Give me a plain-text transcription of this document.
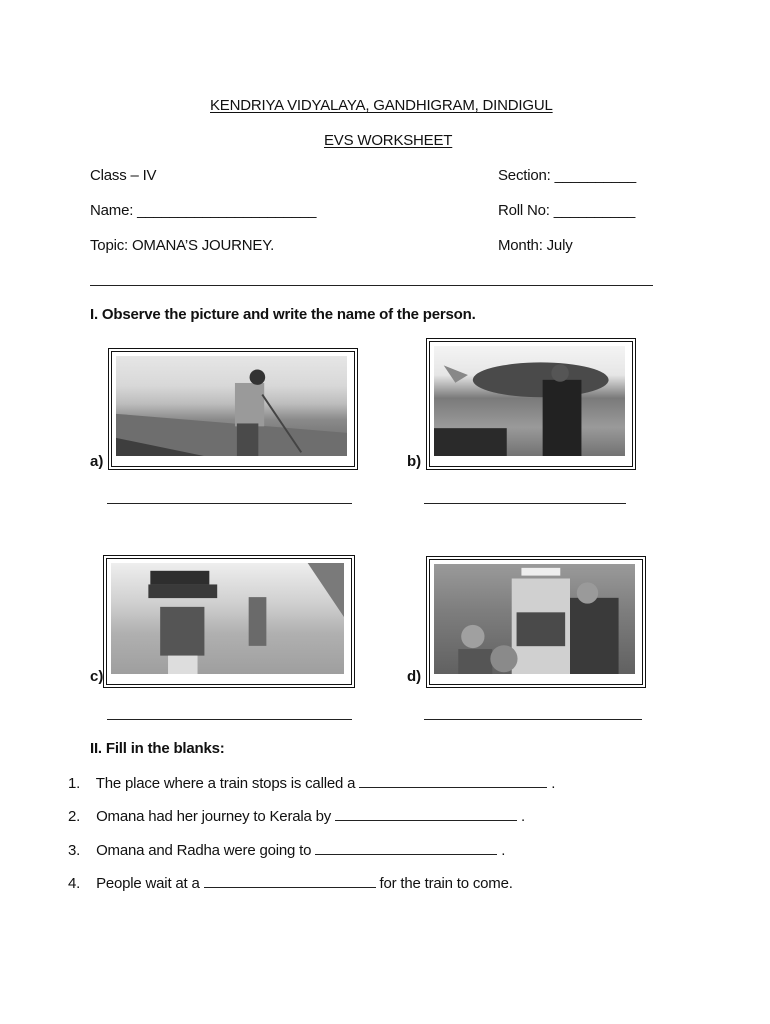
KENDRIYA VIDYALAYA, GANDHIGRAM, DINDIGUL
EVS WORKSHEET
Class – IV	Section: __________
Name: ______________________	Roll No: __________
Topic: OMANA’S JOURNEY.	Month: July
I. Observe the picture and write the name of the person.
a)	b)
c)	d)
II. Fill in the blanks:
1. The place where a train stops is called a	.
2. Omana had her journey to Kerala by	.
3. Omana and Radha were going to	.
4. People wait at a	for the train to come.
